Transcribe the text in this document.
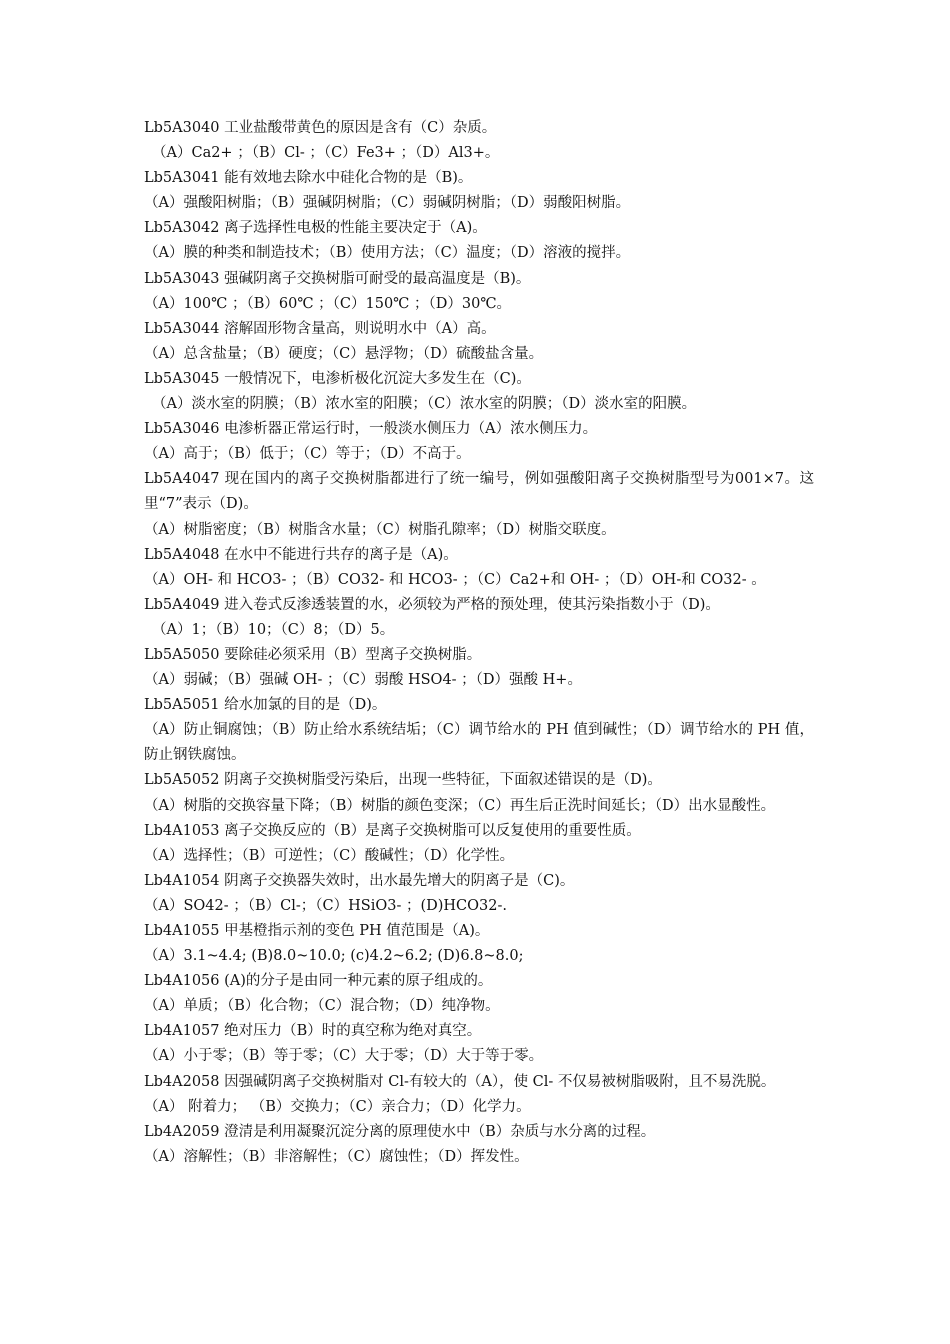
Lb5A3040 工业盐酸带黄色的原因是含有（C）杂质。
（A）Ca2+ ；（B）Cl- ；（C）Fe3+ ；（D）Al3+。
Lb5A3041 能有效地去除水中硅化合物的是（B)。
（A）强酸阳树脂；（B）强碱阴树脂；（C）弱碱阴树脂；（D）弱酸阳树脂。
Lb5A3042 离子选择性电极的性能主要决定于（A)。
（A）膜的种类和制造技术；（B）使用方法；（C）温度；（D）溶液的搅拌。
Lb5A3043 强碱阴离子交换树脂可耐受的最高温度是（B)。
（A）100℃ ；（B）60℃ ；（C）150℃ ；（D）30℃。
Lb5A3044 溶解固形物含量高，则说明水中（A）高。
（A）总含盐量；（B）硬度；（C）悬浮物；（D）硫酸盐含量。
Lb5A3045 一般情况下，电渗析极化沉淀大多发生在（C)。
（A）淡水室的阴膜；（B）浓水室的阳膜；（C）浓水室的阴膜；（D）淡水室的阳膜。
Lb5A3046 电渗析器正常运行时，一般淡水侧压力（A）浓水侧压力。
（A）高于；（B）低于；（C）等于；（D）不高于。
Lb5A4047 现在国内的离子交换树脂都进行了统一编号，例如强酸阳离子交换树脂型号为001×7。这里“7”表示（D)。
（A）树脂密度；（B）树脂含水量；（C）树脂孔隙率；（D）树脂交联度。
Lb5A4048 在水中不能进行共存的离子是（A)。
（A）OH- 和 HCO3- ；（B）CO32- 和 HCO3- ；（C）Ca2+和 OH- ；（D）OH-和 CO32- 。
Lb5A4049 进入卷式反渗透装置的水，必须较为严格的预处理，使其污染指数小于（D)。
（A）1；（B）10；（C）8；（D）5。
Lb5A5050 要除硅必须采用（B）型离子交换树脂。
（A）弱碱；（B）强碱 OH- ；（C）弱酸 HSO4- ；（D）强酸 H+。
Lb5A5051 给水加氯的目的是（D)。
（A）防止铜腐蚀；（B）防止给水系统结垢；（C）调节给水的 PH 值到碱性；（D）调节给水的 PH 值，防止钢铁腐蚀。
Lb5A5052 阴离子交换树脂受污染后，出现一些特征，下面叙述错误的是（D)。
（A）树脂的交换容量下降；（B）树脂的颜色变深；（C）再生后正洗时间延长；（D）出水显酸性。
Lb4A1053 离子交换反应的（B）是离子交换树脂可以反复使用的重要性质。
（A）选择性；（B）可逆性；（C）酸碱性；（D）化学性。
Lb4A1054 阴离子交换器失效时，出水最先增大的阴离子是（C)。
（A）SO42- ；（B）Cl-；（C）HSiO3- ；(D)HCO32-.
Lb4A1055 甲基橙指示剂的变色 PH 值范围是（A)。
（A）3.1~4.4; (B)8.0~10.0; (c)4.2~6.2; (D)6.8~8.0;
Lb4A1056 (A)的分子是由同一种元素的原子组成的。
（A）单质；（B）化合物；（C）混合物；（D）纯净物。
Lb4A1057 绝对压力（B）时的真空称为绝对真空。
（A）小于零；（B）等于零；（C）大于零；（D）大于等于零。
Lb4A2058 因强碱阴离子交换树脂对 Cl-有较大的（A），使 Cl- 不仅易被树脂吸附，且不易洗脱。
（A） 附着力； （B）交换力；（C）亲合力；（D）化学力。
Lb4A2059 澄清是利用凝聚沉淀分离的原理使水中（B）杂质与水分离的过程。
（A）溶解性；（B）非溶解性；（C）腐蚀性；（D）挥发性。
